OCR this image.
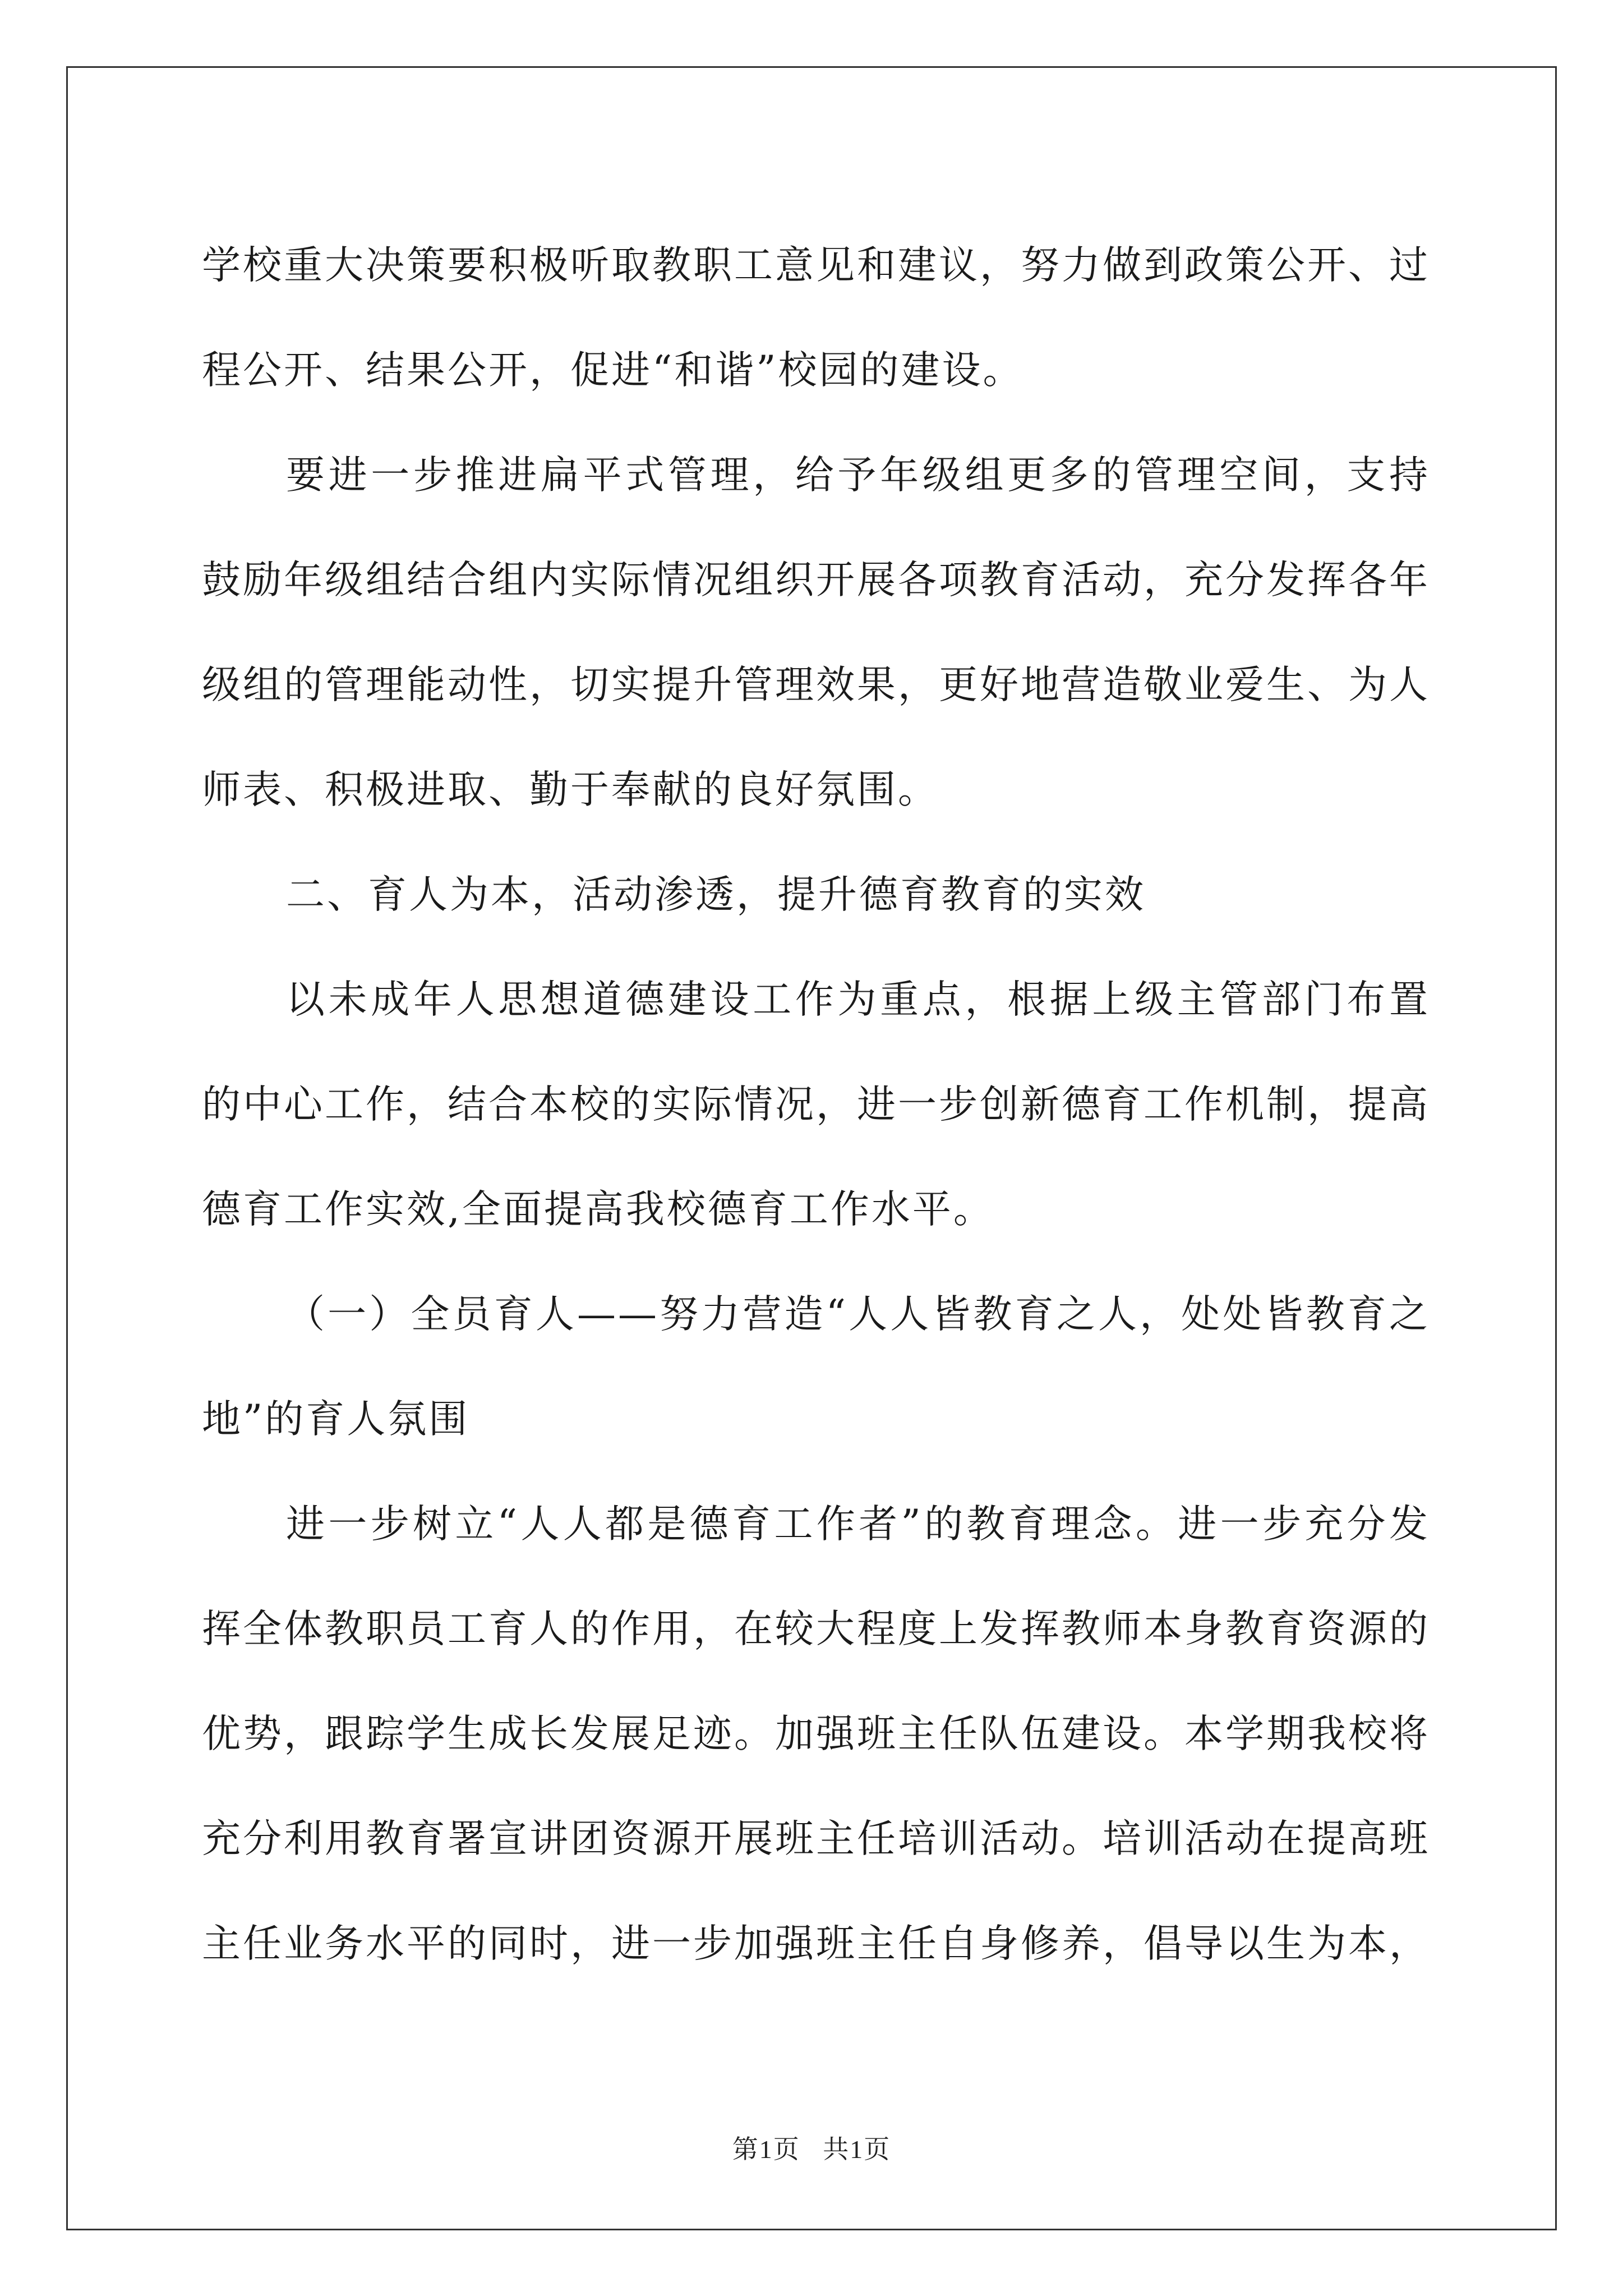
学校重大决策要积极听取教职工意见和建议，努力做到政策公开、过程公开、结果公开，促进“和谐”校园的建设。

要进一步推进扁平式管理，给予年级组更多的管理空间，支持鼓励年级组结合组内实际情况组织开展各项教育活动，充分发挥各年级组的管理能动性，切实提升管理效果，更好地营造敬业爱生、为人师表、积极进取、勤于奉献的良好氛围。

二、育人为本，活动渗透，提升德育教育的实效

以未成年人思想道德建设工作为重点，根据上级主管部门布置的中心工作，结合本校的实际情况，进一步创新德育工作机制，提高德育工作实效,全面提高我校德育工作水平。

（一）全员育人——努力营造“人人皆教育之人，处处皆教育之地”的育人氛围

进一步树立“人人都是德育工作者”的教育理念。进一步充分发挥全体教职员工育人的作用，在较大程度上发挥教师本身教育资源的优势，跟踪学生成长发展足迹。加强班主任队伍建设。本学期我校将充分利用教育署宣讲团资源开展班主任培训活动。培训活动在提高班主任业务水平的同时，进一步加强班主任自身修养，倡导以生为本，

第1页 共1页
